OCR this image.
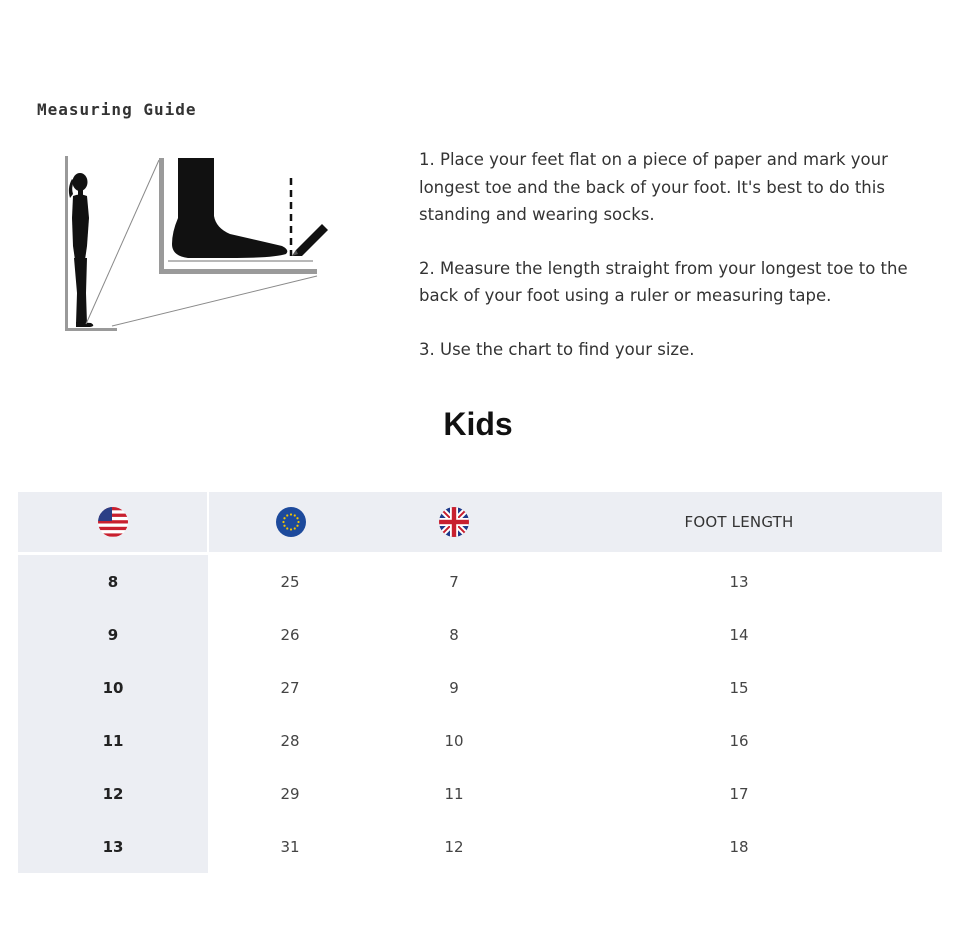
Measuring Guide

1. Place your feet flat on a piece of paper and mark your longest toe and the back of your foot. It's best to do this standing and wearing socks.

2. Measure the length straight from your longest toe to the back of your foot using a ruler or measuring tape.

3. Use the chart to find your size.

Kids
			FOOT LENGTH
8	25	7	13
9	26	8	14
10	27	9	15
11	28	10	16
12	29	11	17
13	31	12	18
